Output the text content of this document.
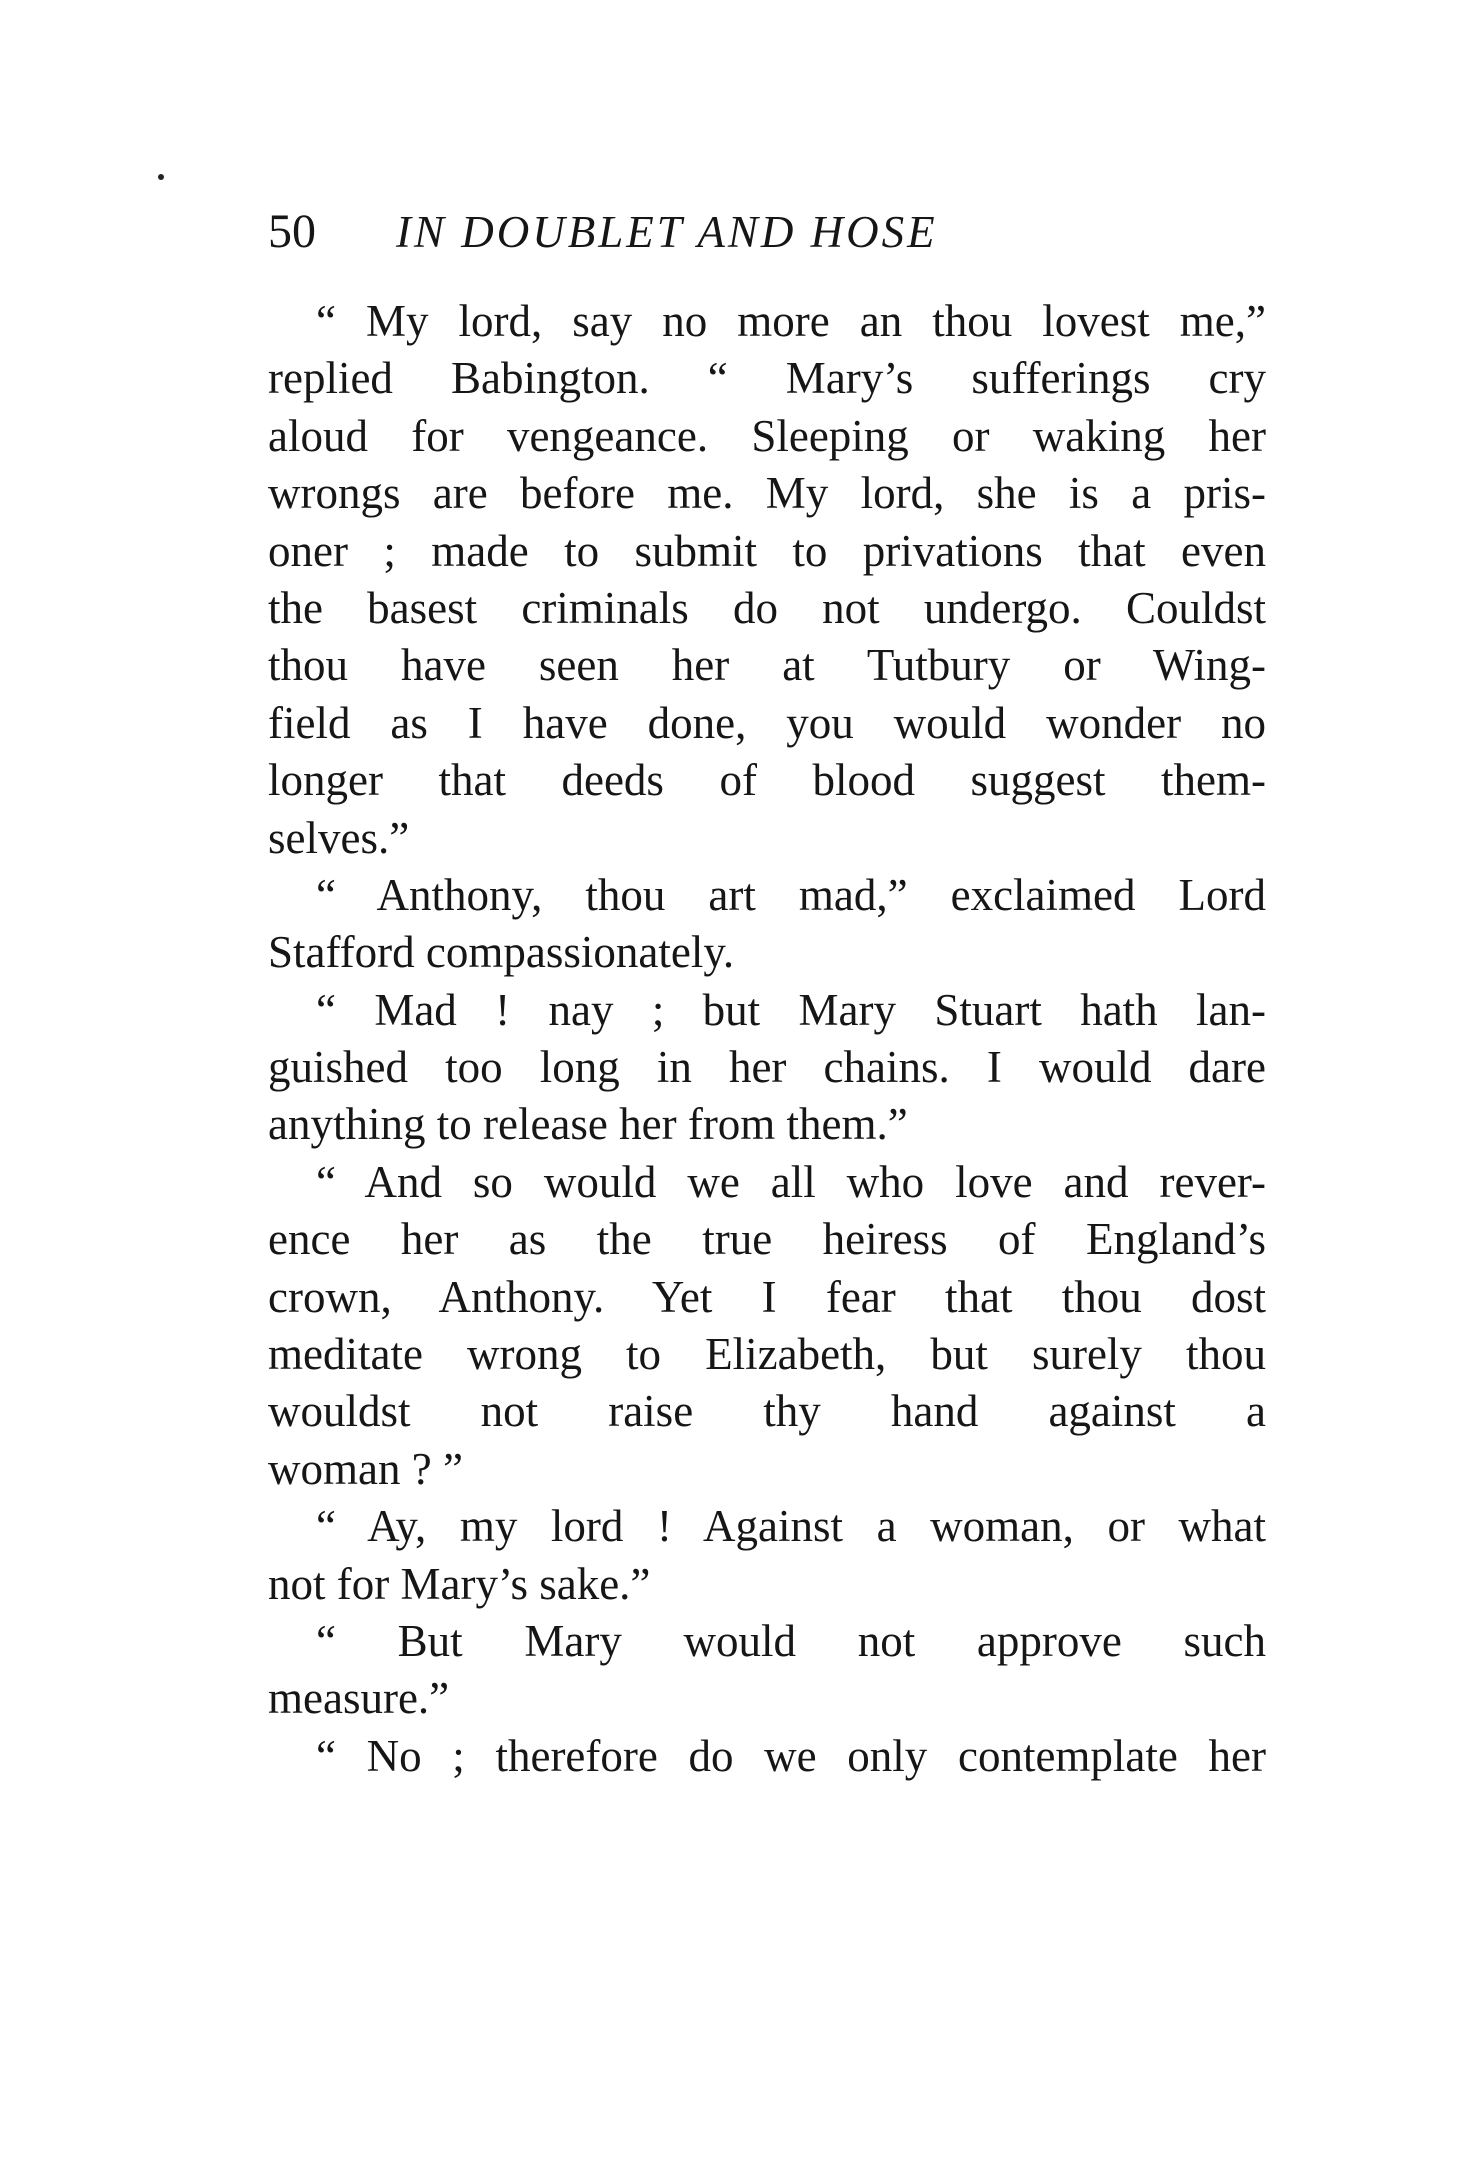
50 IN DOUBLET AND HOSE
“ My lord, say no more an thou lovest me,”
replied Babington. “ Mary’s sufferings cry
aloud for vengeance. Sleeping or waking her
wrongs are before me. My lord, she is a pris-
oner ; made to submit to privations that even
the basest criminals do not undergo. Couldst
thou have seen her at Tutbury or Wing-
field as I have done, you would wonder no
longer that deeds of blood suggest them-
selves.”
“ Anthony, thou art mad,” exclaimed Lord
Stafford compassionately.
“ Mad ! nay ; but Mary Stuart hath lan-
guished too long in her chains. I would dare
anything to release her from them.”
“ And so would we all who love and rever-
ence her as the true heiress of England’s
crown, Anthony. Yet I fear that thou dost
meditate wrong to Elizabeth, but surely thou
wouldst not raise thy hand against a
woman ? ”
“ Ay, my lord ! Against a woman, or what
not for Mary’s sake.”
“ But Mary would not approve such
measure.”
“ No ; therefore do we only contemplate her
